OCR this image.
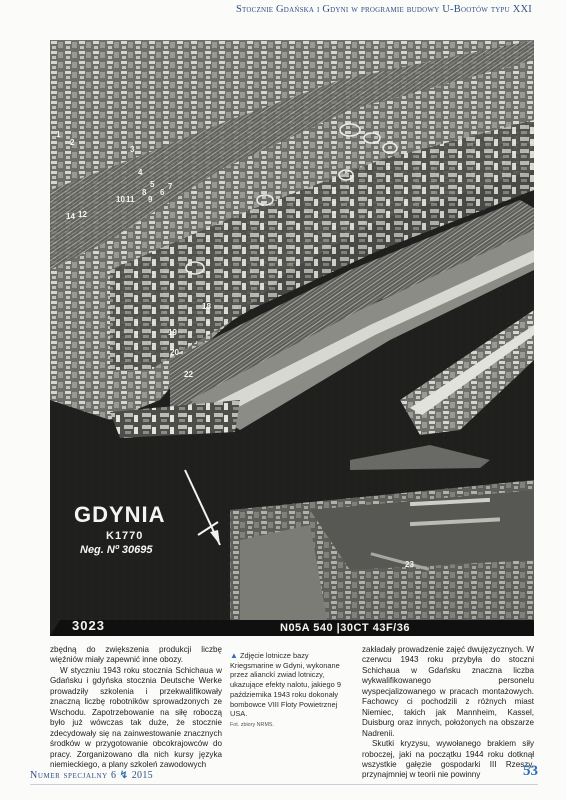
Stocznie Gdańska i Gdyni w programie budowy U-Bootów typu XXI
1
2
3
4
5
6
7
8
9
10 11
12
14
18
19
20
22
23
GDYNIA
K1770
Neg. Nº 30695
3023	N05A 540 |30CT 43F/36

zbędną do zwiększenia produkcji liczbę więźniów miały zapewnić inne obozy.

W styczniu 1943 roku stocznia Schichaua w Gdańsku i gdyńska stocznia Deutsche Werke prowadziły szkolenia i przekwalifikowały znaczną liczbę robotników sprowadzonych ze Wschodu. Zapotrzebowanie na siłę roboczą było już wówczas tak duże, że stocznie zdecydowały się na zainwestowanie znacznych środków w przygotowanie obcokrajowców do pracy. Zorganizowano dla nich kursy języka niemieckiego, a plany szkoleń zawodowych

▲ Zdjęcie lotnicze bazy Kriegsmarine w Gdyni, wykonane przez alianckí zwiad lotniczy, ukazujące efekty nalotu, jakiego 9 października 1943 roku dokonały bombowce VIII Floty Powietrznej USA.
Fot. zbiory NRMS.

zakładały prowadzenie zajęć dwujęzycznych. W czerwcu 1943 roku przybyła do stoczni Schichaua w Gdańsku znaczna liczba wykwalifikowanego personelu wyspecjalizowanego w pracach montażowych. Fachowcy ci pochodzili z różnych miast Niemiec, takich jak Mannheim, Kassel, Duisburg oraz innych, położonych na obszarze Nadrenii.

Skutki kryzysu, wywołanego brakiem siły roboczej, jaki na początku 1944 roku dotknął wszystkie gałęzie gospodarki III Rzeszy, przynajmniej w teorii nie powinny

Numer specjalny 6 ↯ 2015	53
